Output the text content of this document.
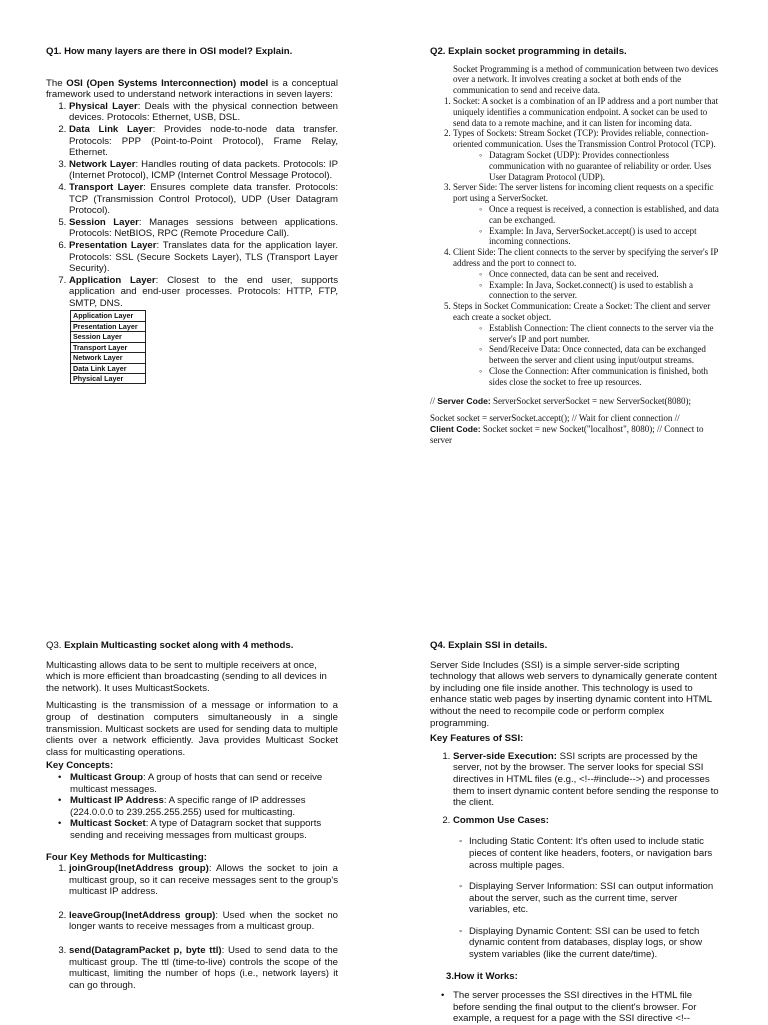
Q1. How many layers are there in OSI model? Explain.

The OSI (Open Systems Interconnection) model is a conceptual framework used to understand network interactions in seven layers:

1. Physical Layer: Deals with the physical connection between devices. Protocols: Ethernet, USB, DSL.
2. Data Link Layer: Provides node-to-node data transfer. Protocols: PPP (Point-to-Point Protocol), Frame Relay, Ethernet.
3. Network Layer: Handles routing of data packets. Protocols: IP (Internet Protocol), ICMP (Internet Control Message Protocol).
4. Transport Layer: Ensures complete data transfer. Protocols: TCP (Transmission Control Protocol), UDP (User Datagram Protocol).
5. Session Layer: Manages sessions between applications. Protocols: NetBIOS, RPC (Remote Procedure Call).
6. Presentation Layer: Translates data for the application layer. Protocols: SSL (Secure Sockets Layer), TLS (Transport Layer Security).
7. Application Layer: Closest to the end user, supports application and end-user processes. Protocols: HTTP, FTP, SMTP, DNS.
Application Layer
Presentation Layer
Session Layer
Transport Layer
Network Layer
Data Link Layer
Physical Layer

Q2. Explain socket programming in details.

Socket Programming is a method of communication between two devices over a network. It involves creating a socket at both ends of the communication to send and receive data.

1. Socket: A socket is a combination of an IP address and a port number that uniquely identifies a communication endpoint. A socket can be used to send data to a remote machine, and it can listen for incoming data.
2. Types of Sockets: Stream Socket (TCP): Provides reliable, connection-oriented communication. Uses the Transmission Control Protocol (TCP).
◦ Datagram Socket (UDP): Provides connectionless communication with no guarantee of reliability or order. Uses User Datagram Protocol (UDP).
3. Server Side: The server listens for incoming client requests on a specific port using a ServerSocket.
◦ Once a request is received, a connection is established, and data can be exchanged.
◦ Example: In Java, ServerSocket.accept() is used to accept incoming connections.
4. Client Side: The client connects to the server by specifying the server's IP address and the port to connect to.
◦ Once connected, data can be sent and received.
◦ Example: In Java, Socket.connect() is used to establish a connection to the server.
5. Steps in Socket Communication: Create a Socket: The client and server each create a socket object.
◦ Establish Connection: The client connects to the server via the server's IP and port number.
◦ Send/Receive Data: Once connected, data can be exchanged between the server and client using input/output streams.
◦ Close the Connection: After communication is finished, both sides close the socket to free up resources.

// Server Code: ServerSocket serverSocket = new ServerSocket(8080);

Socket socket = serverSocket.accept(); // Wait for client connection //
Client Code: Socket socket = new Socket("localhost", 8080); // Connect to server

Q3. Explain Multicasting socket along with 4 methods.

Multicasting allows data to be sent to multiple receivers at once, which is more efficient than broadcasting (sending to all devices in the network). It uses MulticastSockets.

Multicasting is the transmission of a message or information to a group of destination computers simultaneously in a single transmission. Multicast sockets are used for sending data to multiple clients over a network efficiently. Java provides Multicast Socket class for multicasting operations.

Key Concepts:
• Multicast Group: A group of hosts that can send or receive multicast messages.
• Multicast IP Address: A specific range of IP addresses (224.0.0.0 to 239.255.255.255) used for multicasting.
• Multicast Socket: A type of Datagram socket that supports sending and receiving messages from multicast groups.
Four Key Methods for Multicasting:
1. joinGroup(InetAddress group): Allows the socket to join a multicast group, so it can receive messages sent to the group's multicast IP address.
2. leaveGroup(InetAddress group): Used when the socket no longer wants to receive messages from a multicast group.
3. send(DatagramPacket p, byte ttl): Used to send data to the multicast group. The ttl (time-to-live) controls the scope of the multicast, limiting the number of hops (i.e., network layers) it can go through.

Q4. Explain SSI in details.

Server Side Includes (SSI) is a simple server-side scripting technology that allows web servers to dynamically generate content by including one file inside another. This technology is used to enhance static web pages by inserting dynamic content into HTML without the need to recompile code or perform complex programming.

Key Features of SSI:
1. Server-side Execution: SSI scripts are processed by the server, not by the browser. The server looks for special SSI directives in HTML files (e.g., <!--#include-->) and processes them to insert dynamic content before sending the response to the client.
2. Common Use Cases:
◦ Including Static Content: It's often used to include static pieces of content like headers, footers, or navigation bars across multiple pages.
◦ Displaying Server Information: SSI can output information about the server, such as the current time, server variables, etc.
◦ Displaying Dynamic Content: SSI can be used to fetch dynamic content from databases, display logs, or show system variables (like the current date/time).
3.How it Works:
• The server processes the SSI directives in the HTML file before sending the final output to the client's browser. For example, a request for a page with the SSI directive <!--
